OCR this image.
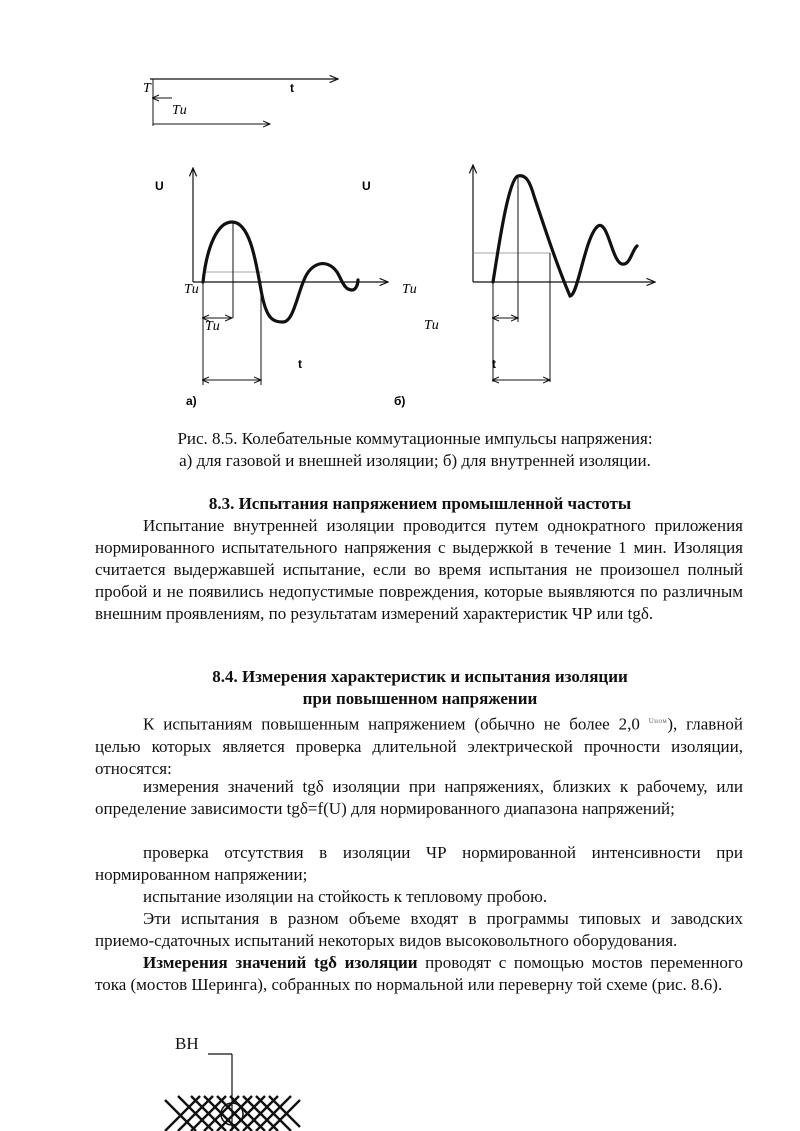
T	t
Tи
U
Tи
Tи
t
а)
U
Tи
Tи
t
б)
Рис. 8.5. Колебательные коммутационные импульсы напряжения:
а) для газовой и внешней изоляции; б) для внутренней изоляции.
8.3. Испытания напряжением промышленной частоты
Испытание внутренней изоляции проводится путем однократного приложения нормированного испытательного напряжения с выдержкой в течение 1 мин. Изоляция считается выдержавшей испытание, если во время испытания не произошел полный пробой и не появились недопустимые повреждения, которые выявляются по различным внешним проявлениям, по результатам измерений характеристик ЧР или tgδ.
8.4. Измерения характеристик и испытания изоляции
при повышенном напряжении
К испытаниям повышенным напряжением (обычно не более 2,0 $^{Uном}$), главной целью которых является проверка длительной электрической прочности изоляции, относятся:
измерения значений tgδ изоляции при напряжениях, близких к рабочему, или определение зависимости tgδ=f(U) для нормированного диапазона напряжений;
проверка отсутствия в изоляции ЧР нормированной интенсивности при нормированном напряжении;
испытание изоляции на стойкость к тепловому пробою.
Эти испытания в разном объеме входят в программы типовых и заводских приемо-сдаточных испытаний некоторых видов высоковольтного оборудования.
Измерения значений tgδ изоляции проводят с помощью мостов переменного тока (мостов Шеринга), собранных по нормальной или переверну той схеме (рис. 8.6).
ВН
